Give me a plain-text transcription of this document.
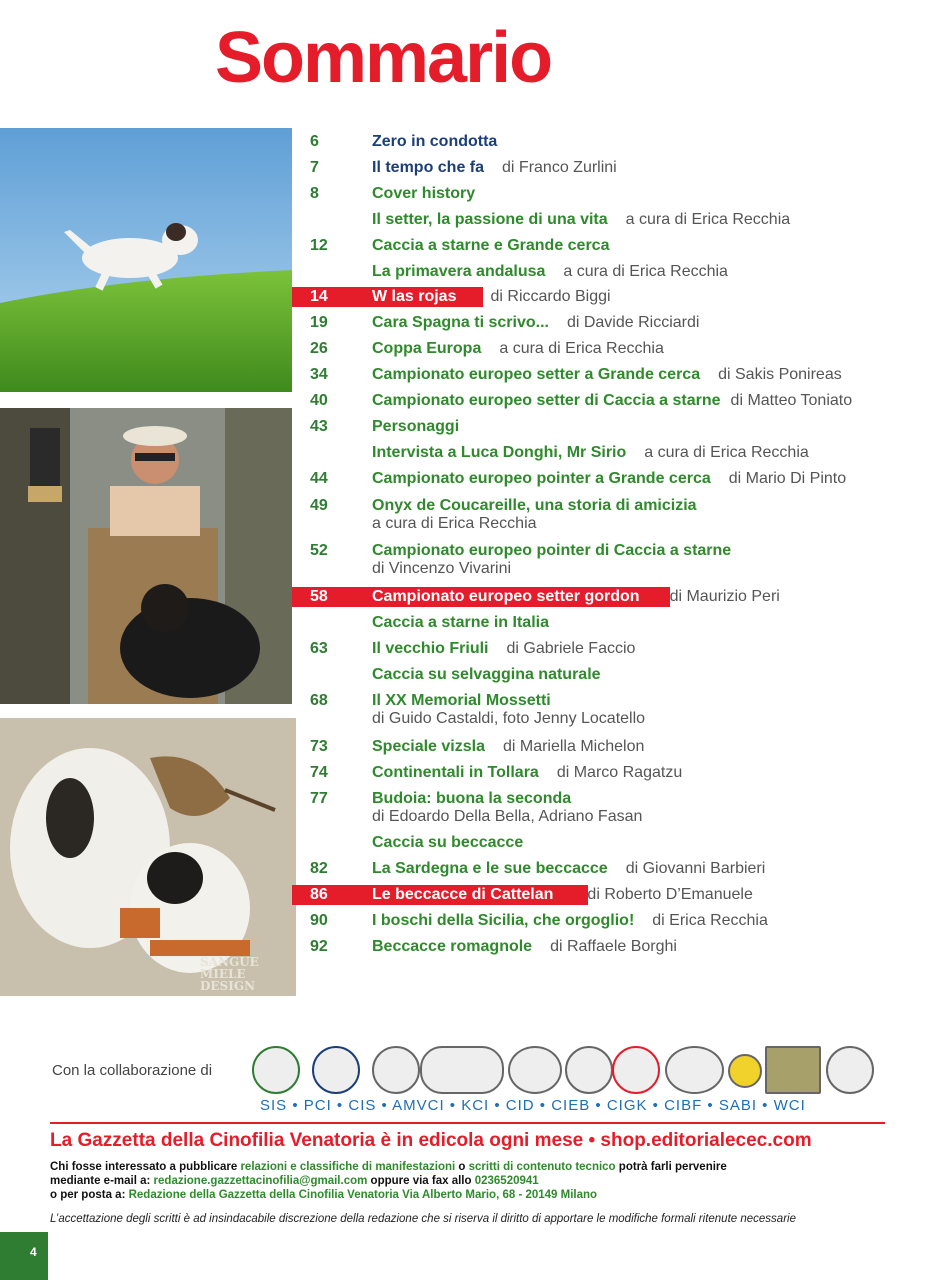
Sommario
SANGUE MIELE DESIGN
6	Zero in condotta
7	Il tempo che fa di Franco Zurlini
8	Cover history
Il setter, la passione di una vita a cura di Erica Recchia
12	Caccia a starne e Grande cerca
La primavera andalusa a cura di Erica Recchia
14	W las rojas di Riccardo Biggi
19	Cara Spagna ti scrivo... di Davide Ricciardi
26	Coppa Europa a cura di Erica Recchia
34	Campionato europeo setter a Grande cerca di Sakis Ponireas
40	Campionato europeo setter di Caccia a starne di Matteo Toniato
43	Personaggi
Intervista a Luca Donghi, Mr Sirio a cura di Erica Recchia
44	Campionato europeo pointer a Grande cerca di Mario Di Pinto
49	Onyx de Coucareille, una storia di amicizia
a cura di Erica Recchia
52	Campionato europeo pointer di Caccia a starne
di Vincenzo Vivarini
58	Campionato europeo setter gordon di Maurizio Peri
Caccia a starne in Italia
63	Il vecchio Friuli di Gabriele Faccio
Caccia su selvaggina naturale
68	Il XX Memorial Mossetti
di Guido Castaldi, foto Jenny Locatello
73	Speciale vizsla di Mariella Michelon
74	Continentali in Tollara di Marco Ragatzu
77	Budoia: buona la seconda
di Edoardo Della Bella, Adriano Fasan
Caccia su beccacce
82	La Sardegna e le sue beccacce di Giovanni Barbieri
86	Le beccacce di Cattelan di Roberto D’Emanuele
90	I boschi della Sicilia, che orgoglio! di Erica Recchia
92	Beccacce romagnole di Raffaele Borghi
Con la collaborazione di
SIS • PCI • CIS • AMVCI • KCI • CID • CIEB • CIGK • CIBF • SABI • WCI

La Gazzetta della Cinofilia Venatoria è in edicola ogni mese • shop.editorialecec.com

Chi fosse interessato a pubblicare relazioni e classifiche di manifestazioni o scritti di contenuto tecnico potrà farli pervenire
mediante e-mail a: redazione.gazzettacinofilia@gmail.com oppure via fax allo 0236520941
o per posta a: Redazione della Gazzetta della Cinofilia Venatoria Via Alberto Mario, 68 - 20149 Milano
L’accettazione degli scritti è ad insindacabile discrezione della redazione che si riserva il diritto di apportare le modifiche formali ritenute necessarie
4
